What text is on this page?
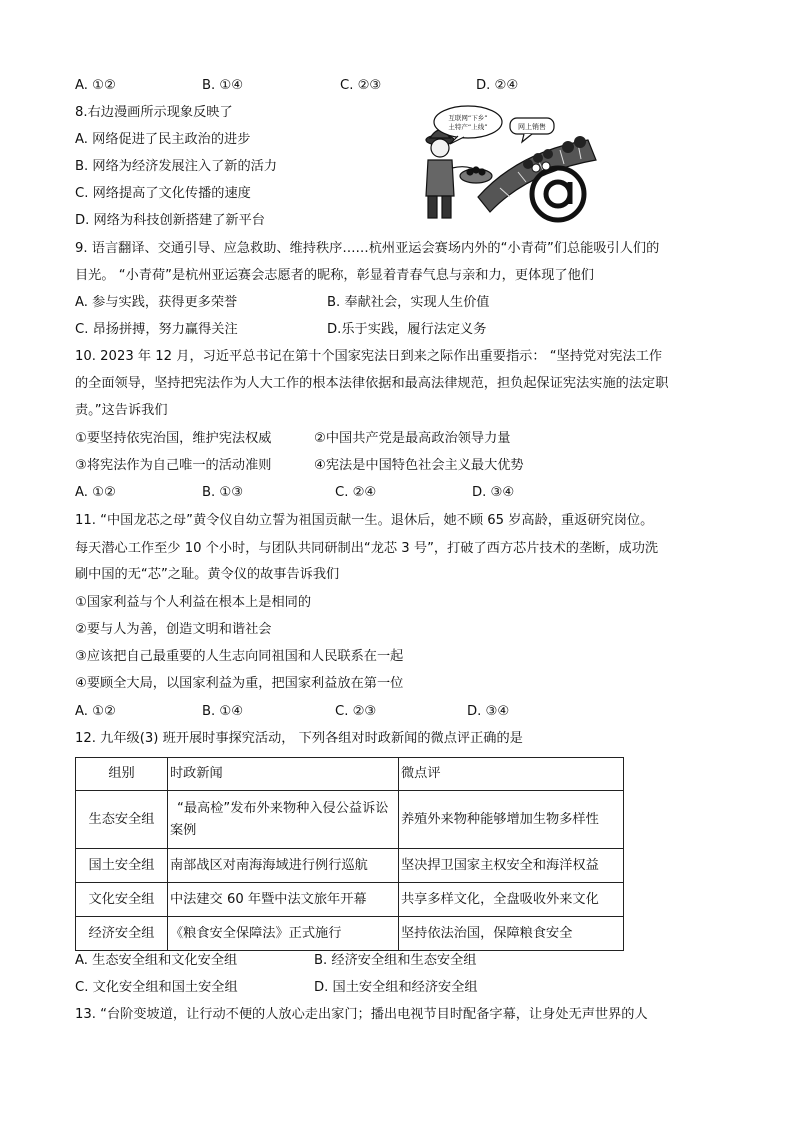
A. ①②	B. ①④	C. ②③	D. ②④
8.右边漫画所示现象反映了
A. 网络促进了民主政治的进步
B. 网络为经济发展注入了新的活力
C. 网络提高了文化传播的速度
D. 网络为科技创新搭建了新平台
互联网“下乡”
土特产“上线”	网上销售
9. 语言翻译、交通引导、应急救助、维持秩序……杭州亚运会赛场内外的“小青荷”们总能吸引人们的
目光。 “小青荷”是杭州亚运赛会志愿者的昵称，彰显着青春气息与亲和力，更体现了他们
A. 参与实践，获得更多荣誉	B. 奉献社会，实现人生价值
C. 昂扬拼搏，努力赢得关注	D.乐于实践，履行法定义务
10. 2023 年 12 月，习近平总书记在第十个国家宪法日到来之际作出重要指示： “坚持党对宪法工作
的全面领导，坚持把宪法作为人大工作的根本法律依据和最高法律规范，担负起保证宪法实施的法定职
责。”这告诉我们
①要坚持依宪治国，维护宪法权威	②中国共产党是最高政治领导力量
③将宪法作为自己唯一的活动准则	④宪法是中国特色社会主义最大优势
A. ①②	B. ①③	C. ②④	D. ③④
11. “中国龙芯之母”黄令仪自幼立誓为祖国贡献一生。退休后，她不顾 65 岁高龄，重返研究岗位。
每天潜心工作至少 10 个小时，与团队共同研制出“龙芯 3 号”，打破了西方芯片技术的垄断，成功洗
刷中国的无“芯”之耻。黄令仪的故事告诉我们
①国家利益与个人利益在根本上是相同的
②要与人为善，创造文明和谐社会
③应该把自己最重要的人生志向同祖国和人民联系在一起
④要顾全大局，以国家利益为重，把国家利益放在第一位
A. ①②	B. ①④	C. ②③	D. ③④
12. 九年级(3) 班开展时事探究活动， 下列各组对时政新闻的微点评正确的是
组别	时政新闻	微点评
生态安全组	“最高检”发布外来物种入侵公益诉讼案例	养殖外来物种能够增加生物多样性
国土安全组	南部战区对南海海域进行例行巡航	坚决捍卫国家主权安全和海洋权益
文化安全组	中法建交 60 年暨中法文旅年开幕	共享多样文化，全盘吸收外来文化
经济安全组	《粮食安全保障法》正式施行	坚持依法治国，保障粮食安全
A. 生态安全组和文化安全组	B. 经济安全组和生态安全组
C. 文化安全组和国土安全组	D. 国土安全组和经济安全组
13. “台阶变坡道，让行动不便的人放心走出家门；播出电视节目时配备字幕，让身处无声世界的人
